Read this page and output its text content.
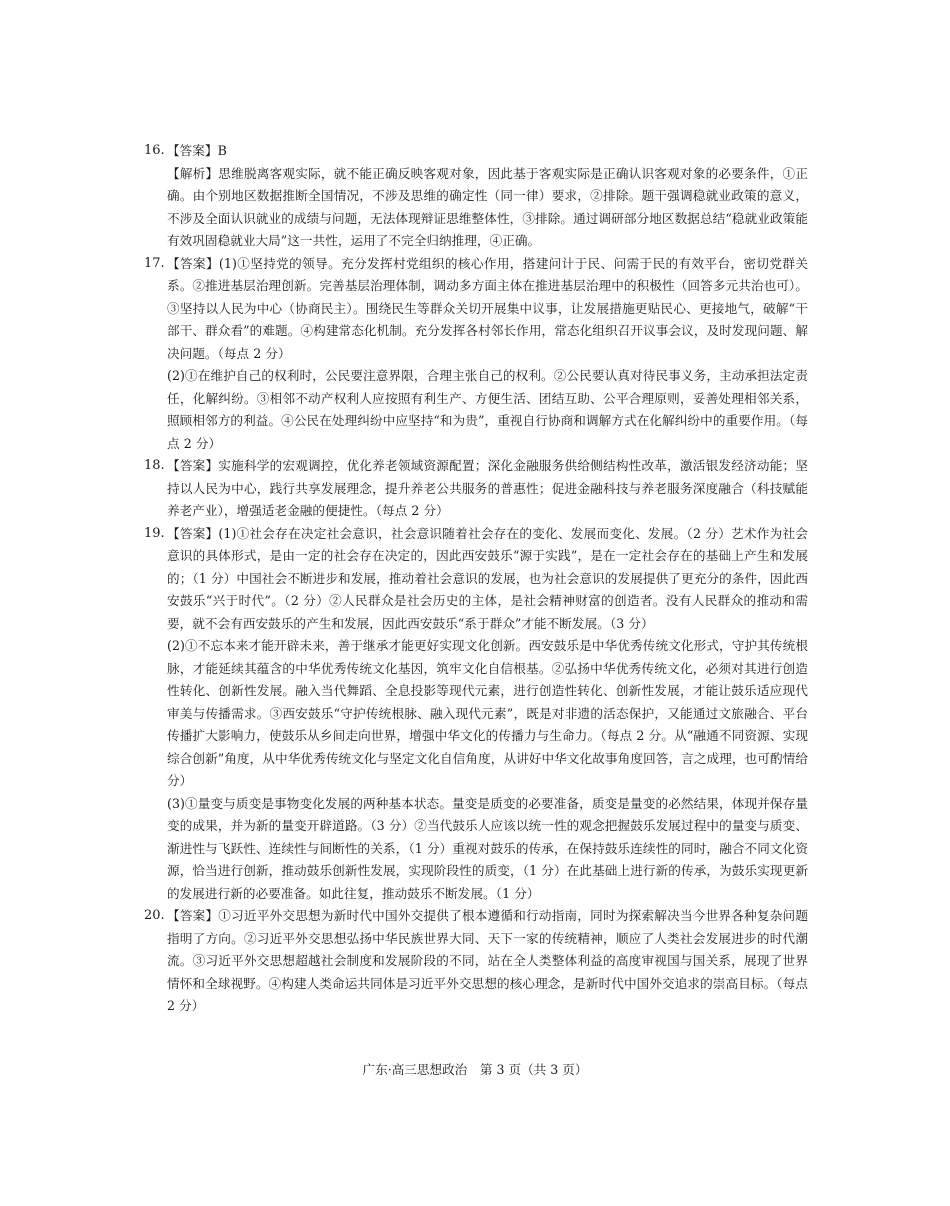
16. 【答案】B

【解析】思维脱离客观实际，就不能正确反映客观对象，因此基于客观实际是正确认识客观对象的必要条件，①正确。由个别地区数据推断全国情况，不涉及思维的确定性（同一律）要求，②排除。题干强调稳就业政策的意义，不涉及全面认识就业的成绩与问题，无法体现辩证思维整体性，③排除。通过调研部分地区数据总结“稳就业政策能有效巩固稳就业大局”这一共性，运用了不完全归纳推理，④正确。

17. 【答案】(1)①坚持党的领导。充分发挥村党组织的核心作用，搭建问计于民、问需于民的有效平台，密切党群关系。②推进基层治理创新。完善基层治理体制，调动多方面主体在推进基层治理中的积极性（回答多元共治也可）。③坚持以人民为中心（协商民主）。围绕民生等群众关切开展集中议事，让发展措施更贴民心、更接地气，破解“干部干、群众看”的难题。④构建常态化机制。充分发挥各村邻长作用，常态化组织召开议事会议，及时发现问题、解决问题。（每点 2 分）

(2)①在维护自己的权利时，公民要注意界限，合理主张自己的权利。②公民要认真对待民事义务，主动承担法定责任，化解纠纷。③相邻不动产权利人应按照有利生产、方便生活、团结互助、公平合理原则，妥善处理相邻关系，照顾相邻方的利益。④公民在处理纠纷中应坚持“和为贵”，重视自行协商和调解方式在化解纠纷中的重要作用。（每点 2 分）

18. 【答案】实施科学的宏观调控，优化养老领域资源配置；深化金融服务供给侧结构性改革，激活银发经济动能；坚持以人民为中心，践行共享发展理念，提升养老公共服务的普惠性；促进金融科技与养老服务深度融合（科技赋能养老产业），增强适老金融的便捷性。（每点 2 分）

19. 【答案】(1)①社会存在决定社会意识，社会意识随着社会存在的变化、发展而变化、发展。（2 分）艺术作为社会意识的具体形式，是由一定的社会存在决定的，因此西安鼓乐“源于实践”，是在一定社会存在的基础上产生和发展的；（1 分）中国社会不断进步和发展，推动着社会意识的发展，也为社会意识的发展提供了更充分的条件，因此西安鼓乐“兴于时代”。（2 分）②人民群众是社会历史的主体，是社会精神财富的创造者。没有人民群众的推动和需要，就不会有西安鼓乐的产生和发展，因此西安鼓乐“系于群众”才能不断发展。（3 分）

(2)①不忘本来才能开辟未来，善于继承才能更好实现文化创新。西安鼓乐是中华优秀传统文化形式，守护其传统根脉，才能延续其蕴含的中华优秀传统文化基因，筑牢文化自信根基。②弘扬中华优秀传统文化，必须对其进行创造性转化、创新性发展。融入当代舞蹈、全息投影等现代元素，进行创造性转化、创新性发展，才能让鼓乐适应现代审美与传播需求。③西安鼓乐“守护传统根脉、融入现代元素”，既是对非遗的活态保护，又能通过文旅融合、平台传播扩大影响力，使鼓乐从乡间走向世界，增强中华文化的传播力与生命力。（每点 2 分。从“融通不同资源、实现综合创新”角度，从中华优秀传统文化与坚定文化自信角度，从讲好中华文化故事角度回答，言之成理，也可酌情给分）

(3)①量变与质变是事物变化发展的两种基本状态。量变是质变的必要准备，质变是量变的必然结果，体现并保存量变的成果，并为新的量变开辟道路。（3 分）②当代鼓乐人应该以统一性的观念把握鼓乐发展过程中的量变与质变、渐进性与飞跃性、连续性与间断性的关系，（1 分）重视对鼓乐的传承，在保持鼓乐连续性的同时，融合不同文化资源，恰当进行创新，推动鼓乐创新性发展，实现阶段性的质变，（1 分）在此基础上进行新的传承，为鼓乐实现更新的发展进行新的必要准备。如此往复，推动鼓乐不断发展。（1 分）

20. 【答案】①习近平外交思想为新时代中国外交提供了根本遵循和行动指南，同时为探索解决当今世界各种复杂问题指明了方向。②习近平外交思想弘扬中华民族世界大同、天下一家的传统精神，顺应了人类社会发展进步的时代潮流。③习近平外交思想超越社会制度和发展阶段的不同，站在全人类整体利益的高度审视国与国关系，展现了世界情怀和全球视野。④构建人类命运共同体是习近平外交思想的核心理念，是新时代中国外交追求的崇高目标。（每点 2 分）

广东·高三思想政治　第 3 页（共 3 页）
